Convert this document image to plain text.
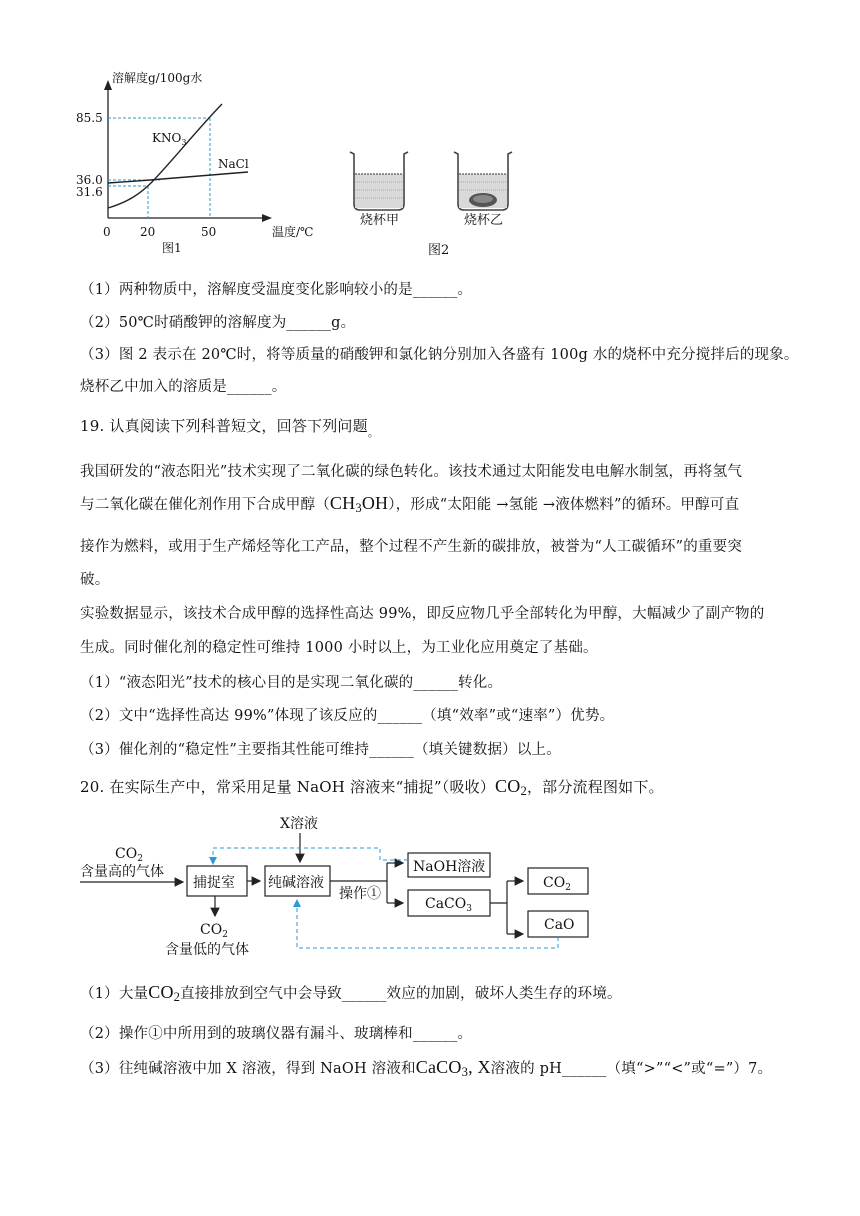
溶解度g/100g水
温度/℃
85.5
36.0
31.6
0 20	50
$KNO_3$
NaCl
图1
烧杯甲	烧杯乙
图2
（1）两种物质中，溶解度受温度变化影响较小的是______。
（2）50℃时硝酸钾的溶解度为______g。
（3）图 2 表示在 20℃时，将等质量的硝酸钾和氯化钠分别加入各盛有 100g 水的烧杯中充分搅拌后的现象。
烧杯乙中加入的溶质是______。
19. 认真阅读下列科普短文，回答下列问题$_。$
我国研发的“液态阳光”技术实现了二氧化碳的绿色转化。该技术通过太阳能发电电解水制氢，再将氢气
与二氧化碳在催化剂作用下合成甲醇$(CH_3OH)$，形成“太阳能 →氢能 →液体燃料”的循环。甲醇可直
接作为燃料，或用于生产烯烃等化工产品，整个过程不产生新的碳排放，被誉为“人工碳循环”的重要突
破。
实验数据显示，该技术合成甲醇的选择性高达 99%，即反应物几乎全部转化为甲醇，大幅减少了副产物的
生成。同时催化剂的稳定性可维持 1000 小时以上，为工业化应用奠定了基础。
（1）“液态阳光”技术的核心目的是实现二氧化碳的______转化。
（2）文中“选择性高达 99%”体现了该反应的______（填“效率”或“速率”）优势。
（3）催化剂的“稳定性”主要指其性能可维持______（填关键数据）以上。
20. 在实际生产中，常采用足量 NaOH 溶液来“捕捉”（吸收）$CO_2$，部分流程图如下。
X溶液
$CO_2$
含量高的气体
捕捉室 纯碱溶液
操作①
NaOH溶液
CaCO$_3$
$CO_2$
CaO
$CO_2$
含量低的气体
（1）大量$CO_2$直接排放到空气中会导致______效应的加剧，破坏人类生存的环境。
（2）操作①中所用到的玻璃仪器有漏斗、玻璃棒和______。
（3）往纯碱溶液中加 X 溶液，得到 NaOH 溶液和CaCO$_3$, X溶液的 pH______（填“>”“<”或“=”）7。
